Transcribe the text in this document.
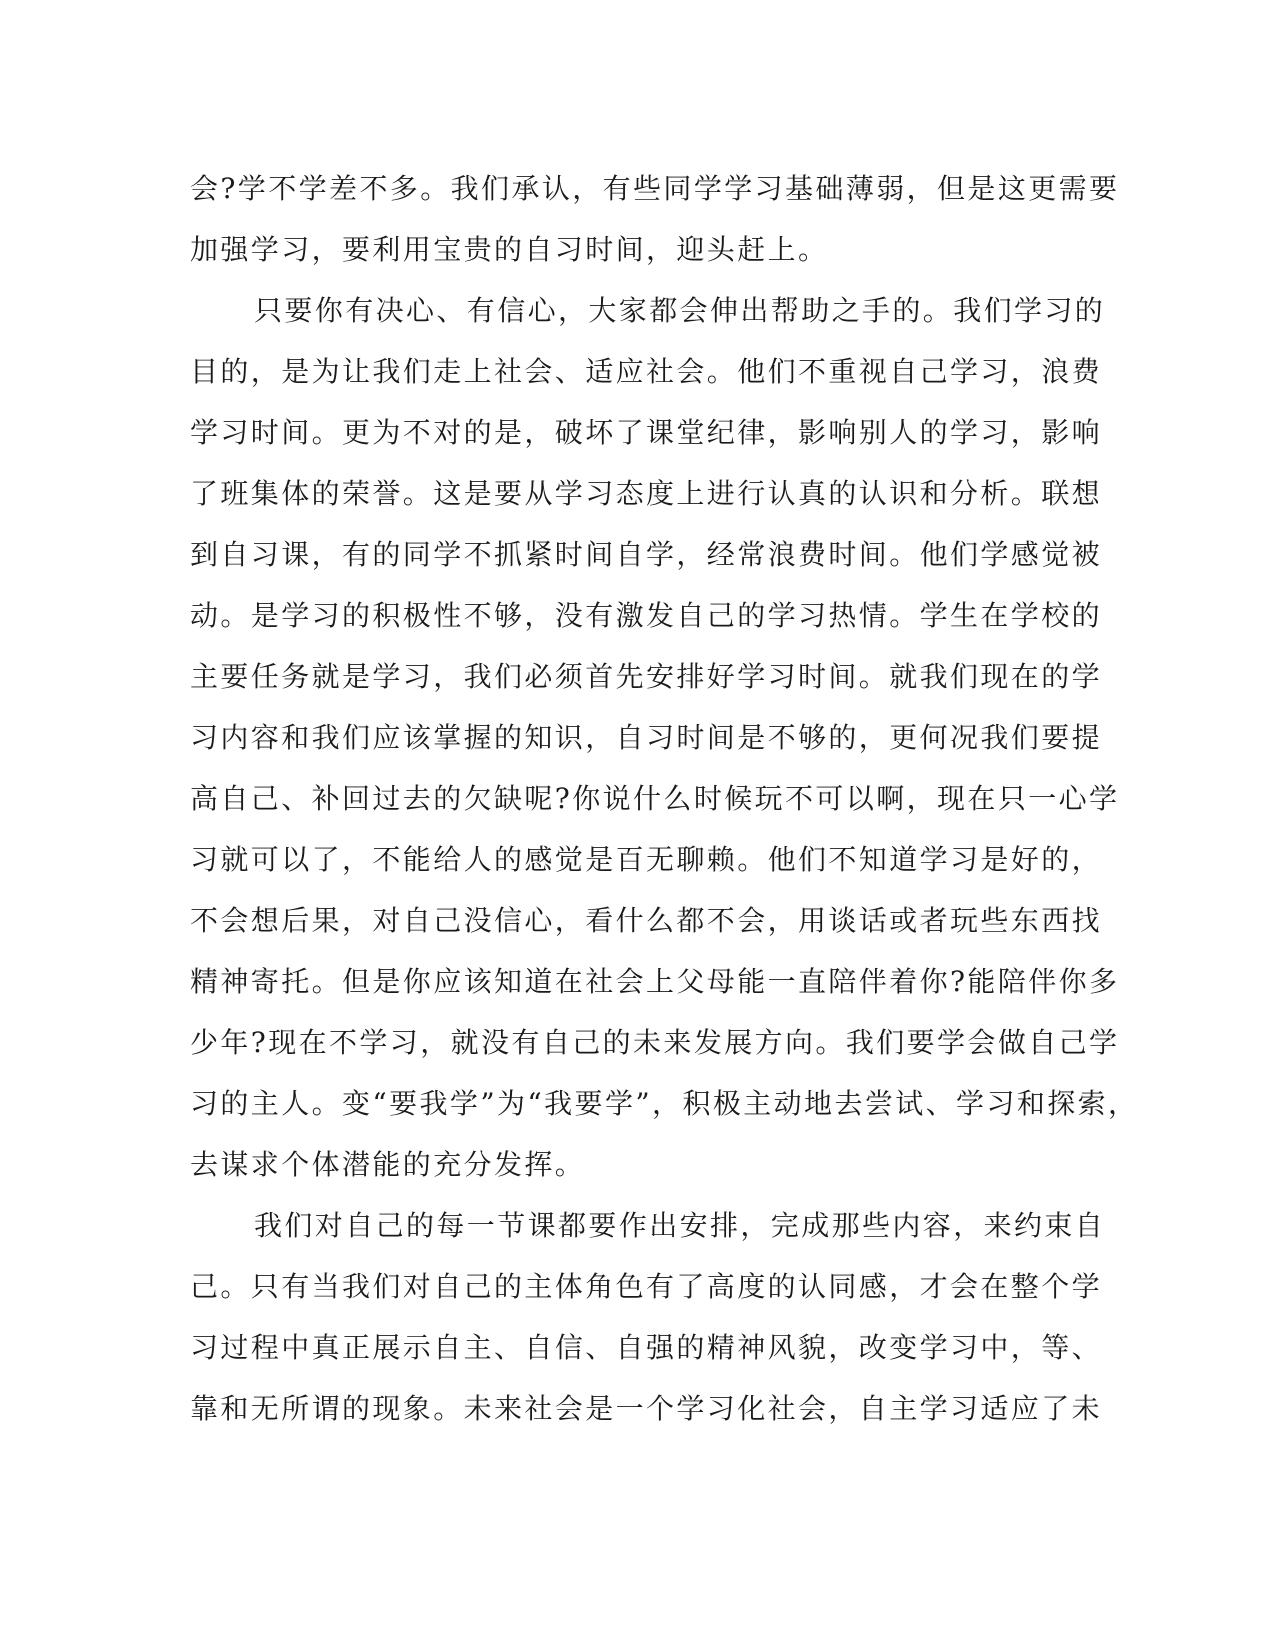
会?学不学差不多。我们承认，有些同学学习基础薄弱，但是这更需要
加强学习，要利用宝贵的自习时间，迎头赶上。
只要你有决心、有信心，大家都会伸出帮助之手的。我们学习的
目的，是为让我们走上社会、适应社会。他们不重视自己学习，浪费
学习时间。更为不对的是，破坏了课堂纪律，影响别人的学习，影响
了班集体的荣誉。这是要从学习态度上进行认真的认识和分析。联想
到自习课，有的同学不抓紧时间自学，经常浪费时间。他们学感觉被
动。是学习的积极性不够，没有激发自己的学习热情。学生在学校的
主要任务就是学习，我们必须首先安排好学习时间。就我们现在的学
习内容和我们应该掌握的知识，自习时间是不够的，更何况我们要提
高自己、补回过去的欠缺呢?你说什么时候玩不可以啊，现在只一心学
习就可以了，不能给人的感觉是百无聊赖。他们不知道学习是好的，
不会想后果，对自己没信心，看什么都不会，用谈话或者玩些东西找
精神寄托。但是你应该知道在社会上父母能一直陪伴着你?能陪伴你多
少年?现在不学习，就没有自己的未来发展方向。我们要学会做自己学
习的主人。变“要我学”为“我要学”，积极主动地去尝试、学习和探索，
去谋求个体潜能的充分发挥。
我们对自己的每一节课都要作出安排，完成那些内容，来约束自
己。只有当我们对自己的主体角色有了高度的认同感，才会在整个学
习过程中真正展示自主、自信、自强的精神风貌，改变学习中，等、
靠和无所谓的现象。未来社会是一个学习化社会，自主学习适应了未
